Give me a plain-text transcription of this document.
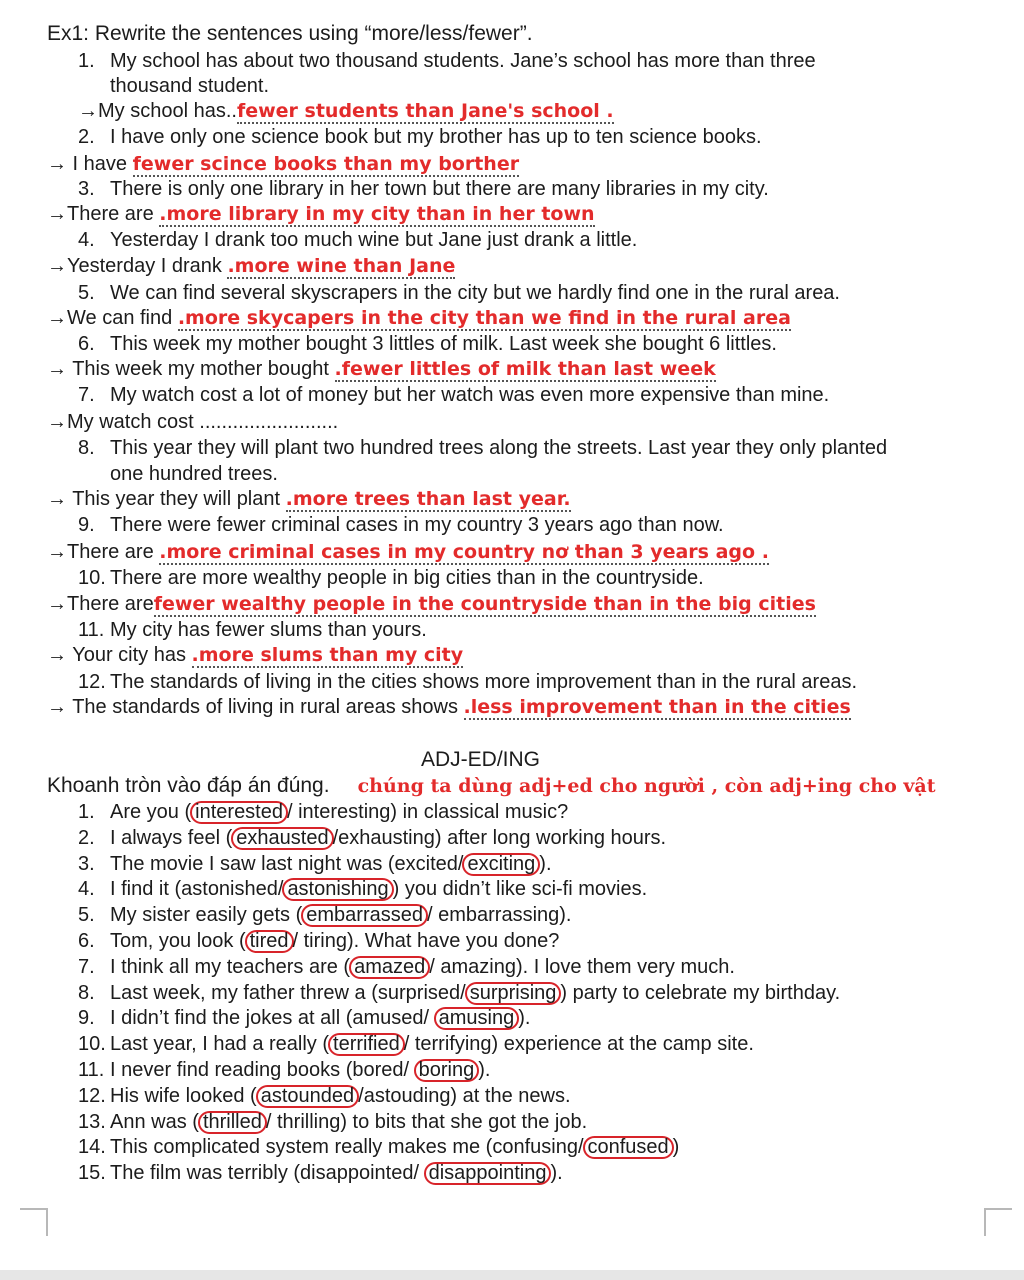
Ex1: Rewrite the sentences using “more/less/fewer”.
1. My school has about two thousand students. Jane’s school has more than three
thousand student.
→My school has..fewer students than Jane's school .
2. I have only one science book but my brother has up to ten science books.
→ I have fewer scince books than my borther
3. There is only one library in her town but there are many libraries in my city.
→There are .more library in my city than in her town
4. Yesterday I drank too much wine but Jane just drank a little.
→Yesterday I drank .more wine than Jane
5. We can find several skyscrapers in the city but we hardly find one in the rural area.
→We can find .more skycapers in the city than we find in the rural area
6. This week my mother bought 3 littles of milk. Last week she bought 6 littles.
→ This week my mother bought .fewer littles of milk than last week
7. My watch cost a lot of money but her watch was even more expensive than mine.
→My watch cost .........................
8. This year they will plant two hundred trees along the streets. Last year they only planted
one hundred trees.
→ This year they will plant .more trees than last year.
9. There were fewer criminal cases in my country 3 years ago than now.
→There are .more criminal cases in my country nơ than 3 years ago .
10. There are more wealthy people in big cities than in the countryside.
→There arefewer wealthy people in the countryside than in the big cities
11. My city has fewer slums than yours.
→ Your city has .more slums than my city
12. The standards of living in the cities shows more improvement than in the rural areas.
→ The standards of living in rural areas shows .less improvement than in the cities
ADJ-ED/ING
Khoanh tròn vào đáp án đúng. chúng ta dùng adj+ed cho người , còn adj+ing cho vật
1. Are you ( interested / interesting) in classical music?
2. I always feel ( exhausted /exhausting) after long working hours.
3. The movie I saw last night was (excited/ exciting ).
4. I find it (astonished/ astonishing ) you didn’t like sci-fi movies.
5. My sister easily gets ( embarrassed / embarrassing).
6. Tom, you look ( tired / tiring). What have you done?
7. I think all my teachers are ( amazed / amazing). I love them very much.
8. Last week, my father threw a (surprised/ surprising ) party to celebrate my birthday.
9. I didn’t find the jokes at all (amused/ amusing ).
10. Last year, I had a really ( terrified / terrifying) experience at the camp site.
11. I never find reading books (bored/ boring ).
12. His wife looked ( astounded /astouding) at the news.
13. Ann was ( thrilled / thrilling) to bits that she got the job.
14. This complicated system really makes me (confusing/ confused )
15. The film was terribly (disappointed/ disappointing ).
